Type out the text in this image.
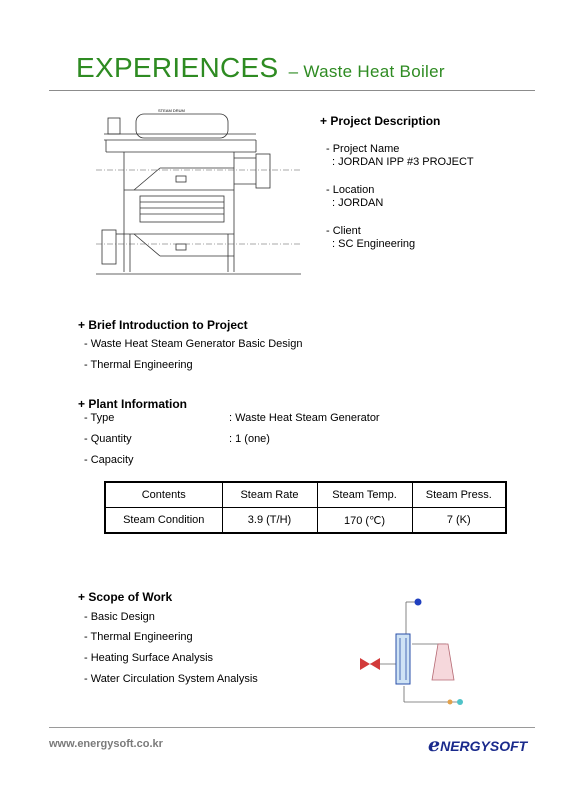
EXPERIENCES – Waste Heat Boiler
STEAM DRUM
+ Project Description
- Project Name
: JORDAN IPP #3 PROJECT
- Location
: JORDAN
- Client
: SC Engineering
+ Brief Introduction to Project
- Waste Heat Steam Generator Basic Design
- Thermal Engineering
+ Plant Information
- Type	: Waste Heat Steam Generator
- Quantity	: 1 (one)
- Capacity
Contents	Steam Rate	Steam Temp.	Steam Press.
Steam Condition	3.9 (T/H)	170 (℃)	7 (K)
+ Scope of Work
- Basic Design
- Thermal Engineering
- Heating Surface Analysis
- Water Circulation System Analysis
www.energysoft.co.kr	eNERGYSOFT
